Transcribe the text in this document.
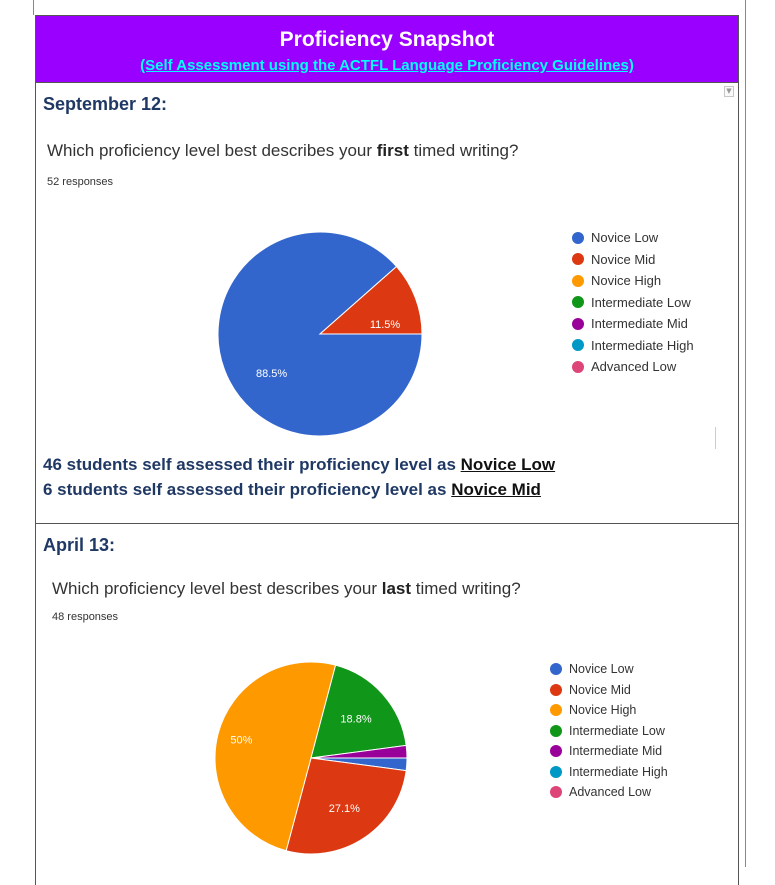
Proficiency Snapshot
(Self Assessment using the ACTFL Language Proficiency Guidelines)
September 12:
▼
Which proficiency level best describes your first timed writing?
52 responses
88.5%
11.5%
Novice Low
Novice Mid
Novice High
Intermediate Low
Intermediate Mid
Intermediate High
Advanced Low
46 students self assessed their proficiency level as Novice Low
6 students self assessed their proficiency level as Novice Mid
April 13:
Which proficiency level best describes your last timed writing?
48 responses
27.1%
50%
18.8%
Novice Low
Novice Mid
Novice High
Intermediate Low
Intermediate Mid
Intermediate High
Advanced Low
